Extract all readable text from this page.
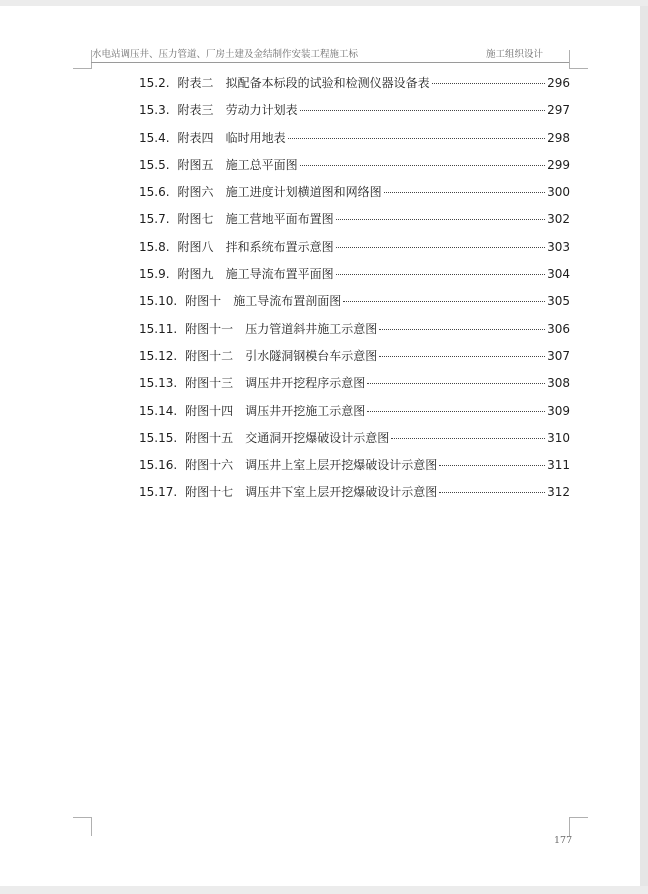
水电站调压井、压力管道、厂房土建及金结制作安装工程施工标	施工组织设计
15.2. 附表二 拟配备本标段的试验和检测仪器设备表	296
15.3. 附表三 劳动力计划表	297
15.4. 附表四 临时用地表	298
15.5. 附图五 施工总平面图	299
15.6. 附图六 施工进度计划横道图和网络图	300
15.7. 附图七 施工营地平面布置图	302
15.8. 附图八 拌和系统布置示意图	303
15.9. 附图九 施工导流布置平面图	304
15.10. 附图十 施工导流布置剖面图	305
15.11. 附图十一 压力管道斜井施工示意图	306
15.12. 附图十二 引水隧洞钢模台车示意图	307
15.13. 附图十三 调压井开挖程序示意图	308
15.14. 附图十四 调压井开挖施工示意图	309
15.15. 附图十五 交通洞开挖爆破设计示意图	310
15.16. 附图十六 调压井上室上层开挖爆破设计示意图	311
15.17. 附图十七 调压井下室上层开挖爆破设计示意图	312
177
